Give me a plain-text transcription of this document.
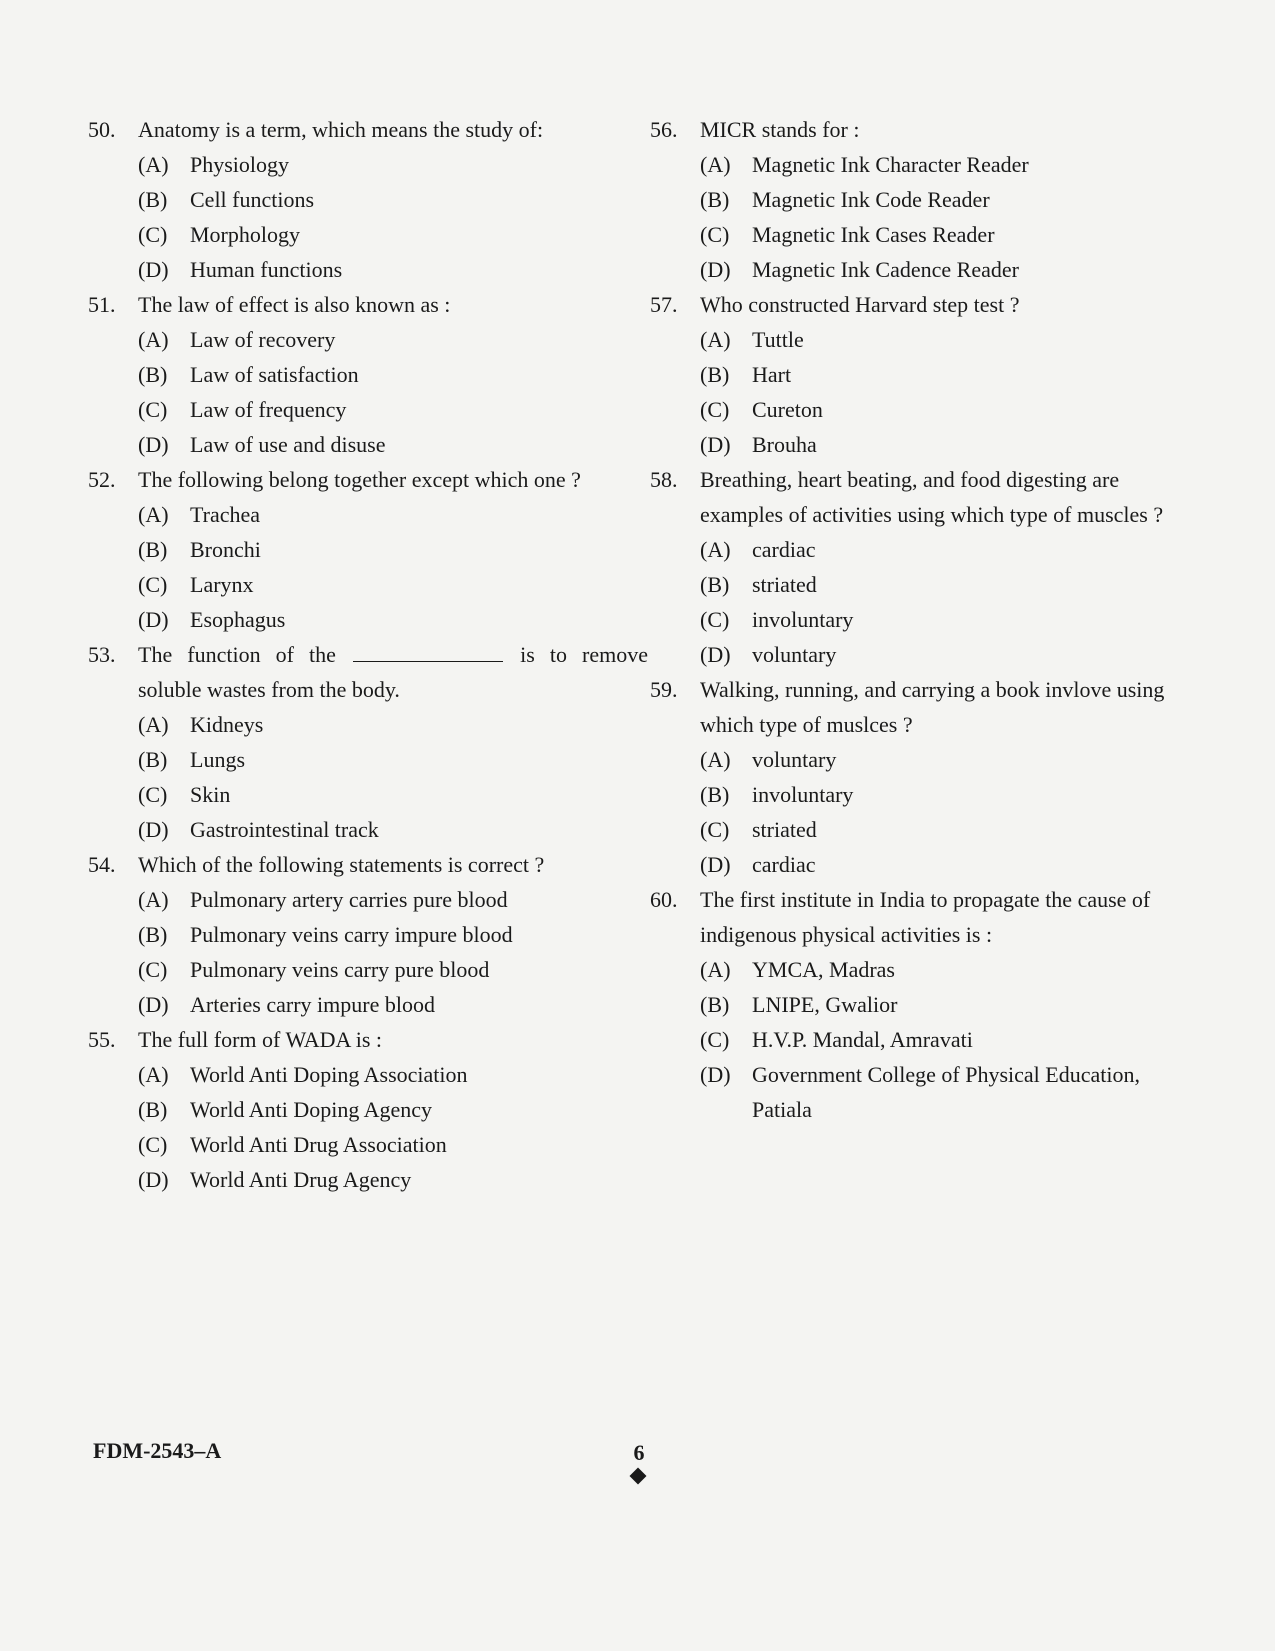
50.	Anatomy is a term, which means the study of:
(A) Physiology
(B)	Cell functions
(C)	Morphology
(D) Human functions
51.	The law of effect is also known as :
(A) Law of recovery
(B)	Law of satisfaction
(C)	Law of frequency
(D) Law of use and disuse
52.	The following belong together except which one ?
(A) Trachea
(B)	Bronchi
(C)	Larynx
(D) Esophagus
53.	The function of the	is to remove soluble wastes from the body.
(A) Kidneys
(B)	Lungs
(C)	Skin
(D) Gastrointestinal track
54.	Which of the following statements is correct ?
(A) Pulmonary artery carries pure blood
(B)	Pulmonary veins carry impure blood
(C)	Pulmonary veins carry pure blood
(D) Arteries carry impure blood
55.	The full form of WADA is :
(A) World Anti Doping Association
(B)	World Anti Doping Agency
(C)	World Anti Drug Association
(D) World Anti Drug Agency
56.	MICR stands for :
(A) Magnetic Ink Character Reader
(B)	Magnetic Ink Code Reader
(C)	Magnetic Ink Cases Reader
(D) Magnetic Ink Cadence Reader
57.	Who constructed Harvard step test ?
(A) Tuttle
(B)	Hart
(C)	Cureton
(D) Brouha
58.	Breathing, heart beating, and food digesting are examples of activities using which type of muscles ?
(A) cardiac
(B)	striated
(C)	involuntary
(D) voluntary
59.	Walking, running, and carrying a book invlove using which type of muslces ?
(A) voluntary
(B)	involuntary
(C)	striated
(D) cardiac
60.	The first institute in India to propagate the cause of indigenous physical activities is :
(A) YMCA, Madras
(B)	LNIPE, Gwalior
(C)	H.V.P. Mandal, Amravati
(D) Government College of Physical Education, Patiala
FDM-2543–A	6
